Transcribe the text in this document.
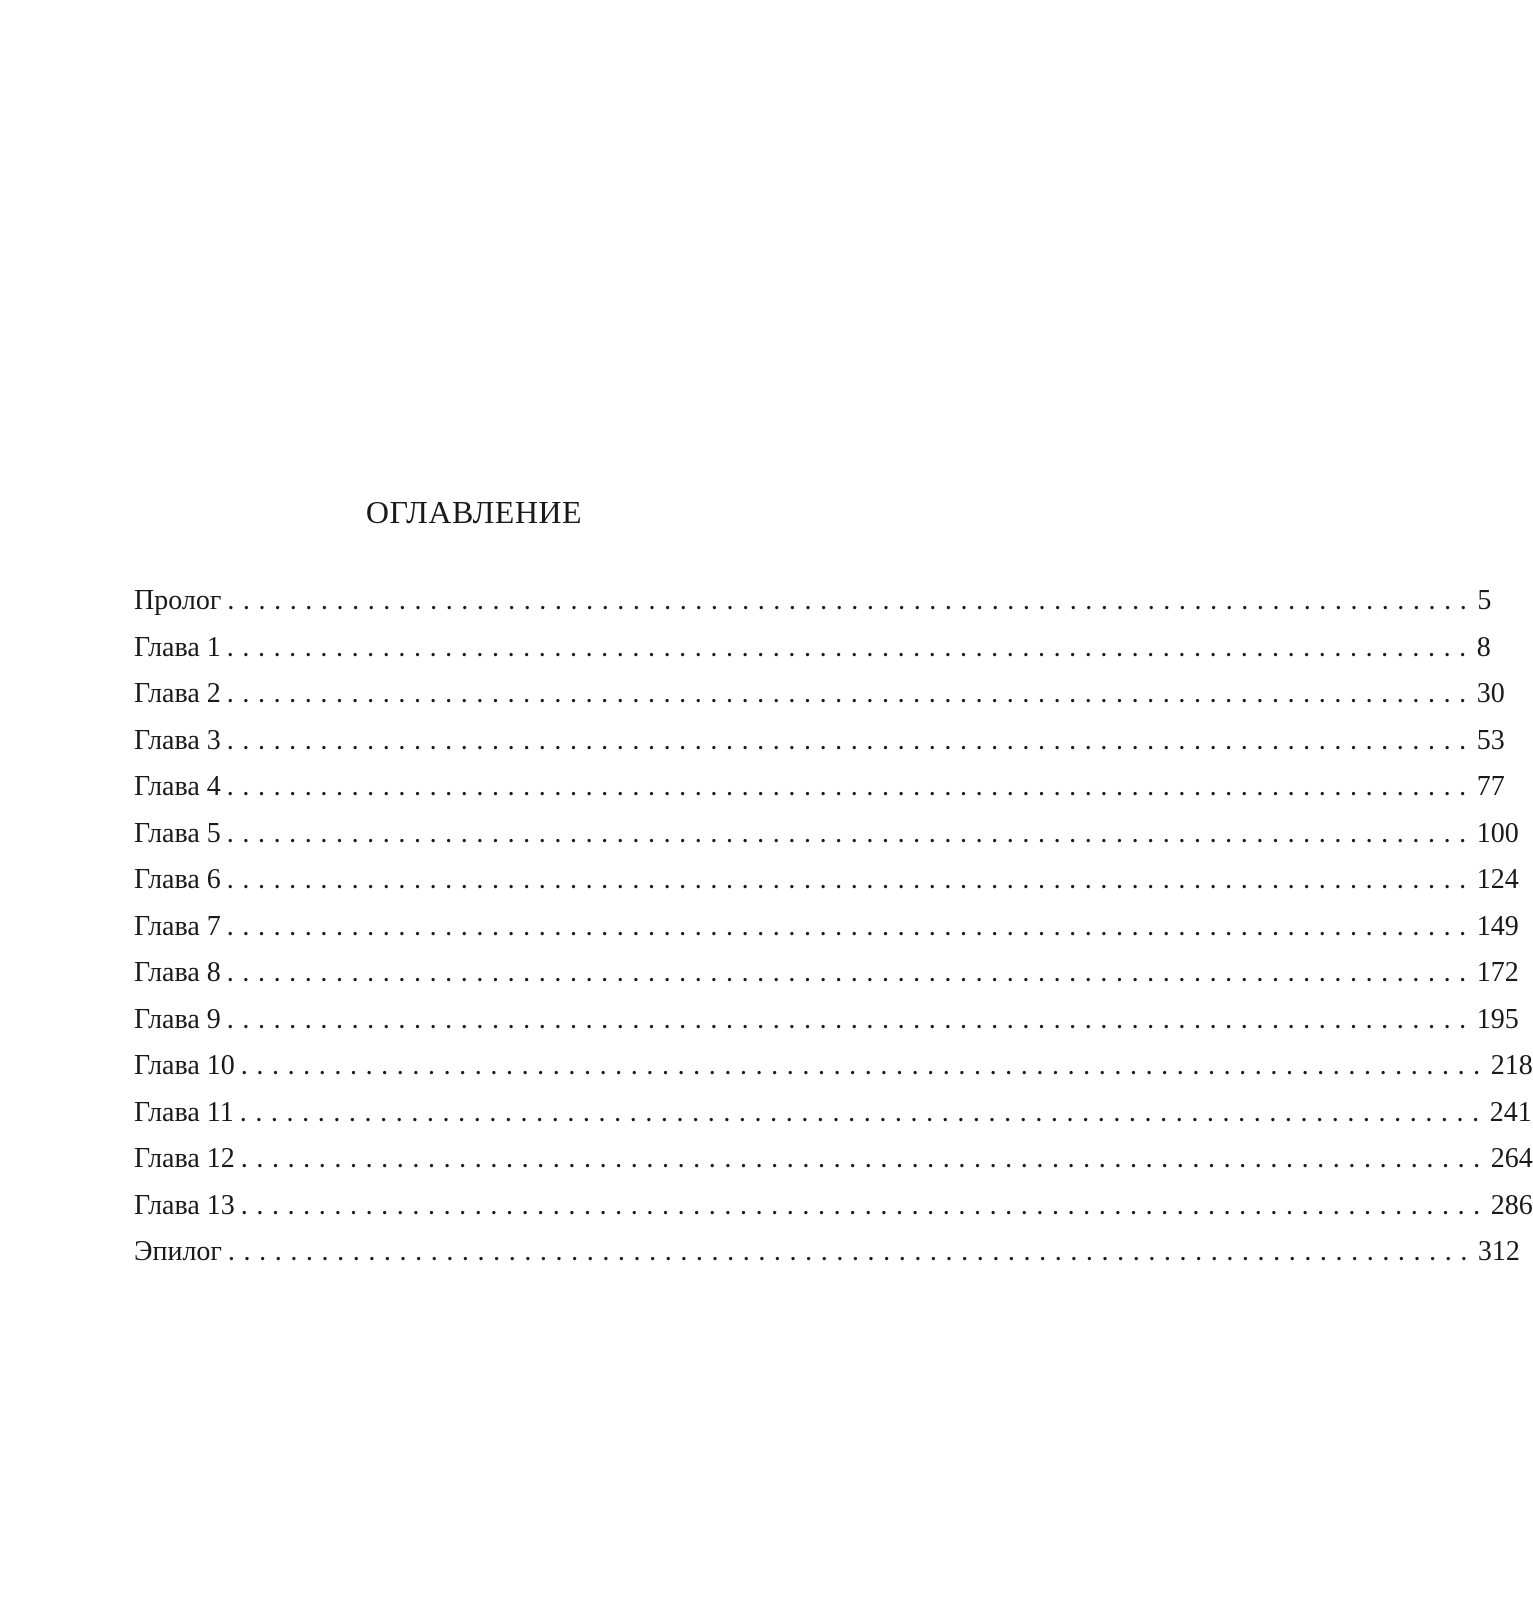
ОГЛАВЛЕНИЕ
Пролог ................................................................................ 5
Глава 1 ................................................................................ 8
Глава 2 ................................................................................ 30
Глава 3 ................................................................................ 53
Глава 4 ................................................................................ 77
Глава 5 ................................................................................ 100
Глава 6 ................................................................................ 124
Глава 7 ................................................................................ 149
Глава 8 ................................................................................ 172
Глава 9 ................................................................................ 195
Глава 10 ................................................................................ 218
Глава 11 ................................................................................ 241
Глава 12 ................................................................................ 264
Глава 13 ................................................................................ 286
Эпилог ................................................................................ 312
